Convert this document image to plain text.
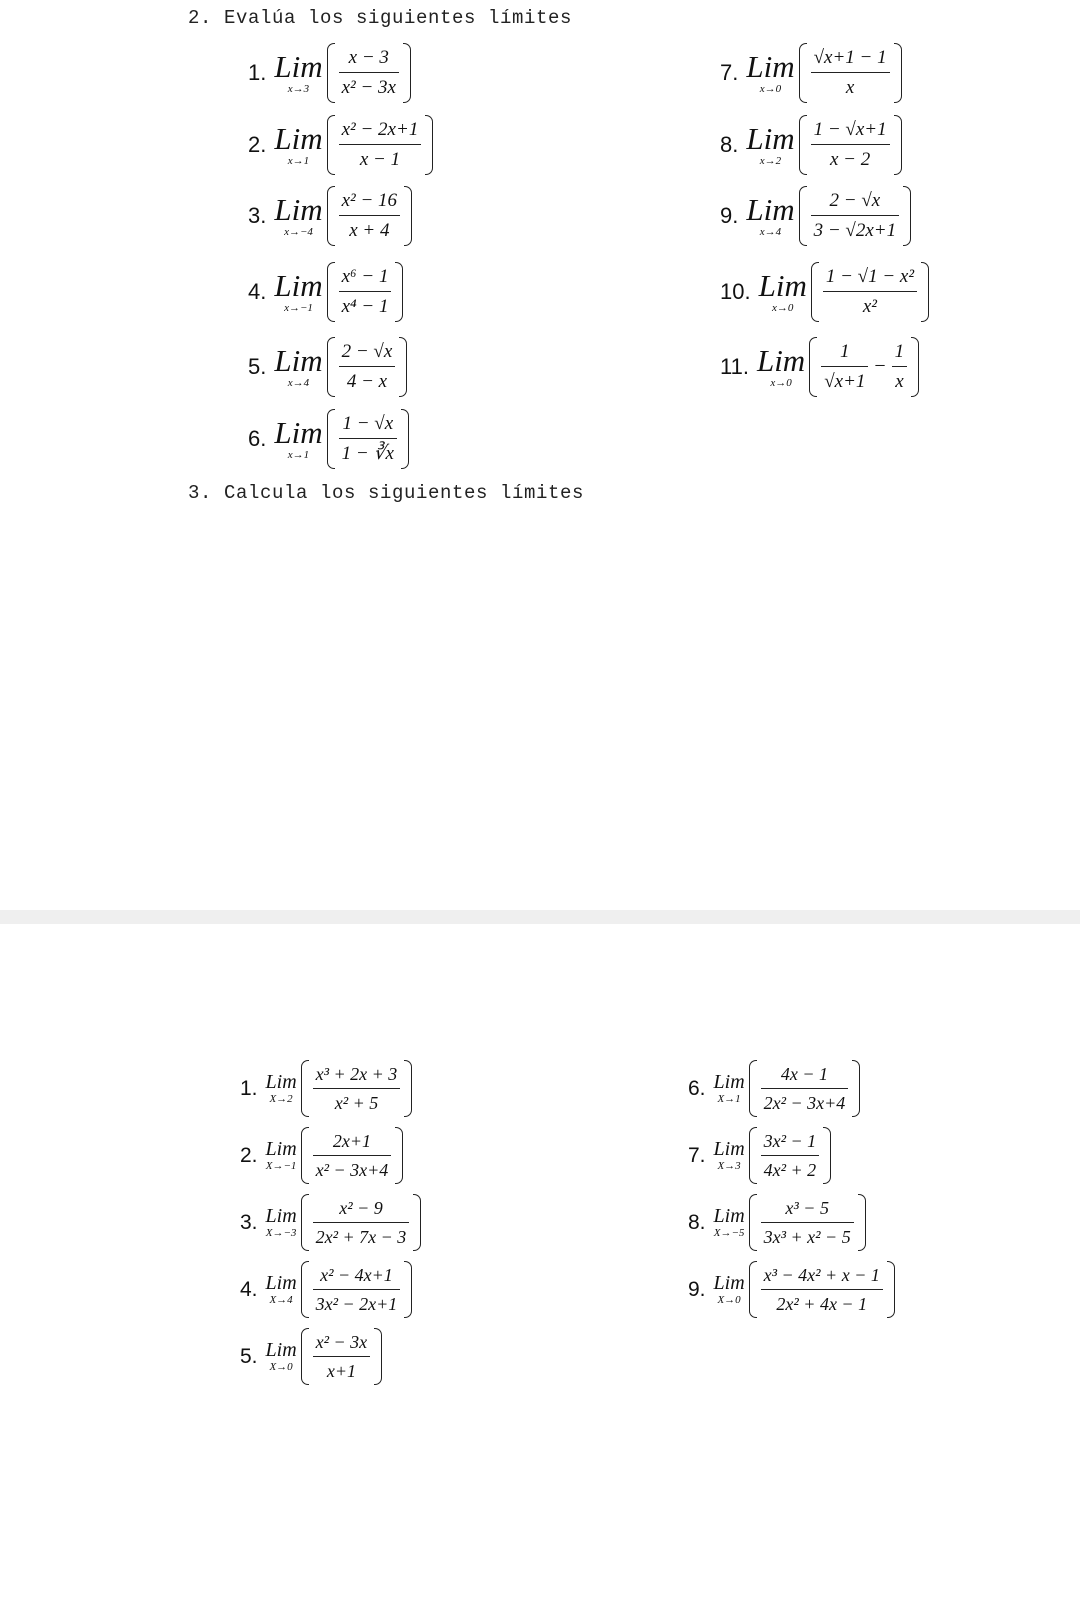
2. Evalúa los siguientes límites
1. Lim
$x\to 3 \frac{x - 3}{\text{x² − 3x}}$
2. Lim
$x\to 1 \frac{\text{x² − 2x+1}}{x - 1}$
3. Lim
$x\to-4 \frac{\text{x² − 16}}{x + 4}$
4. Lim
$x\to-1 \frac{\text{x⁶ − 1}}{\text{x⁴ − 1}}$
5. Lim
$x\to 4 \frac{2 - √x}{4 - x}$
6. Lim
$x\to 1 \frac{1 - √x}{1 - ∛x}$
7. Lim
$x\to 0 \frac{√x+1 - 1}{x}$
8. Lim
$x\to 2 \frac{1 - √x+1}{x - 2}$
9. Lim
$x\to 4 \frac{2 - √x}{3 - √2x+1}$
10. Lim
$x\to 0 \frac{\text{1 − √1 − x²}}{\text{x²}}$
11. Lim
$x\to 0 \frac{1}{√x+1} - \frac{1}{x}$
3. Calcula los siguientes límites
1. Lim
$X\to 2 \frac{\text{x³ + 2x + 3}}{\text{x² + 5}}$
2. Lim
$X\to-1 \frac{2x+1}{\text{x² − 3x+4}}$
3. Lim
$X\to-3 \frac{\text{x² − 9}}{\text{2x² + 7x − 3}}$
4. Lim
$X\to 4 \frac{\text{x² − 4x+1}}{\text{3x² − 2x+1}}$
5. Lim
$X\to 0 \frac{\text{x² − 3x}}{x+1}$
6. Lim
$X\to 1 \frac{4x - 1}{\text{2x² − 3x+4}}$
7. Lim
$X\to 3 \frac{\text{3x² − 1}}{\text{4x² + 2}}$
8. Lim
$X\to-5 \frac{\text{x³ − 5}}{\text{3x³ + x² − 5}}$
9. Lim
$X\to 0 \frac{\text{x³ − 4x² + x − 1}}{\text{2x² + 4x − 1}}$
